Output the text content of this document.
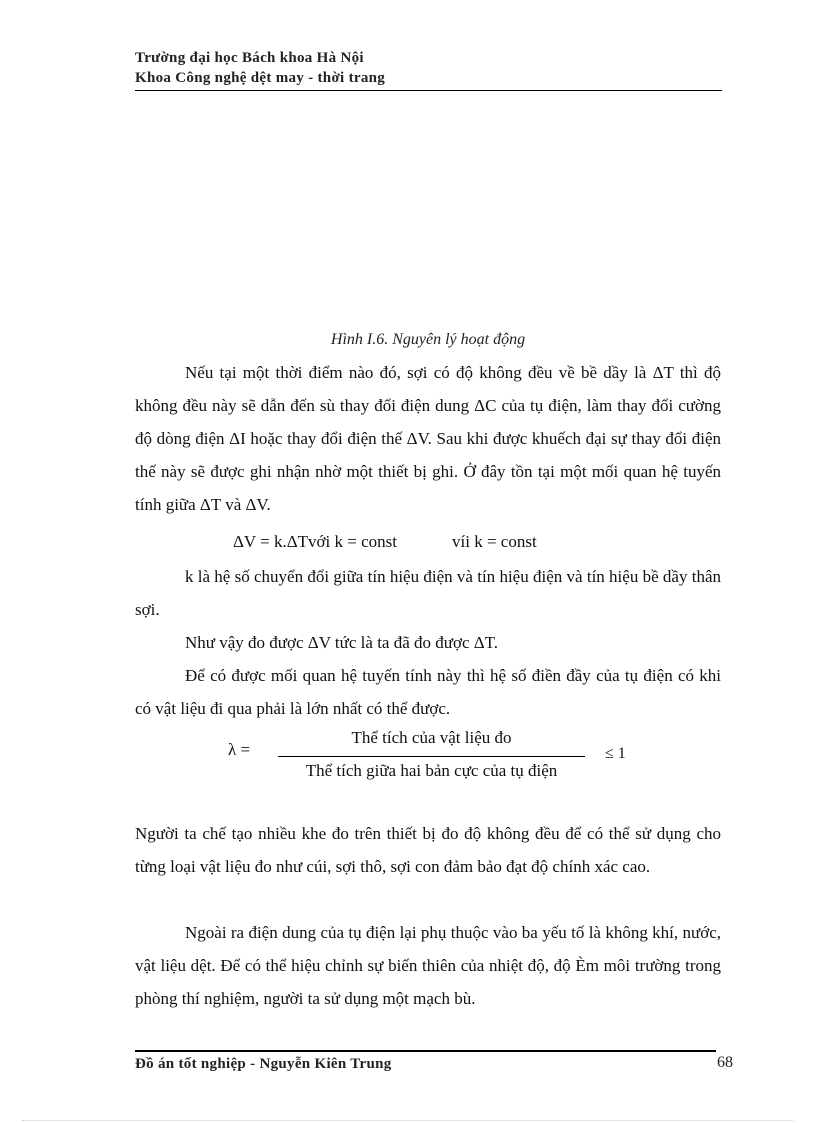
Trường đại học Bách khoa Hà Nội
Khoa Công nghệ dệt may - thời trang
Hình I.6. Nguyên lý hoạt động
Nếu tại một thời điểm nào đó, sợi có độ không đều về bề dầy là ΔT thì độ không đều này sẽ dẫn đến sù thay đổi điện dung ΔC của tụ điện, làm thay đổi cường độ dòng điện ΔI hoặc thay đổi điện thế ΔV. Sau khi được khuếch đại sự thay đổi điện thế này sẽ được ghi nhận nhờ một thiết bị ghi. Ở đây tồn tại một mối quan hệ tuyến tính giữa ΔT và ΔV.
ΔV = k.ΔTvới k = const	víi k = const
k là hệ số chuyển đổi giữa tín hiệu điện và tín hiệu điện và tín hiệu bề dầy thân sợi.
Như vậy đo được ΔV tức là ta đã đo được ΔT.
Để có được mối quan hệ tuyến tính này thì hệ số điền đầy của tụ điện có khi có vật liệu đi qua phải là lớn nhất có thể được.
λ =
Thể tích của vật liệu đo
Thể tích giữa hai bản cực của tụ điện
≤ 1
Người ta chế tạo nhiều khe đo trên thiết bị đo độ không đều để có thể sử dụng cho từng loại vật liệu đo như cúi, sợi thô, sợi con đảm bảo đạt độ chính xác cao.
Ngoài ra điện dung của tụ điện lại phụ thuộc vào ba yếu tố là không khí, nước, vật liệu dệt. Để có thể hiệu chỉnh sự biến thiên của nhiệt độ, độ Èm môi trường trong phòng thí nghiệm, người ta sử dụng một mạch bù.
Đồ án tốt nghiệp - Nguyễn Kiên Trung	68
